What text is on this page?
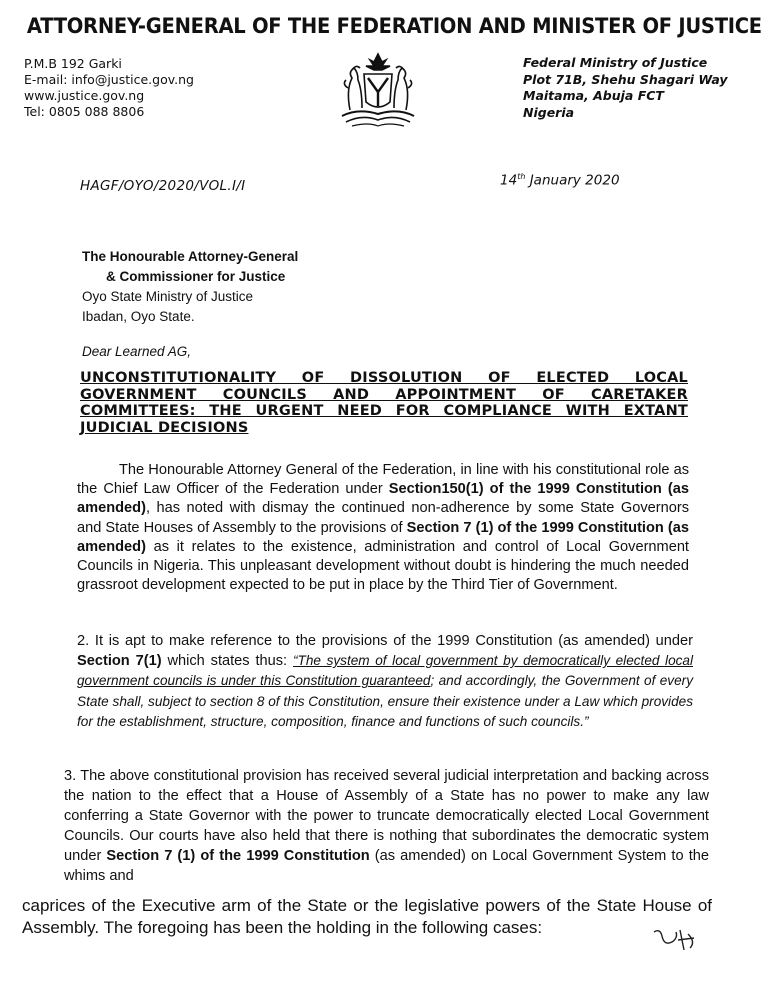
ATTORNEY-GENERAL OF THE FEDERATION AND MINISTER OF JUSTICE
P.M.B 192 Garki
E-mail: info@justice.gov.ng
www.justice.gov.ng
Tel: 0805 088 8806
Federal Ministry of Justice
Plot 71B, Shehu Shagari Way
Maitama, Abuja FCT
Nigeria
HAGF/OYO/2020/VOL.I/I	14th January 2020
The Honourable Attorney-General
& Commissioner for Justice
Oyo State Ministry of Justice
Ibadan, Oyo State.
Dear Learned AG,
UNCONSTITUTIONALITY OF DISSOLUTION OF ELECTED LOCAL GOVERNMENT COUNCILS AND APPOINTMENT OF CARETAKER COMMITTEES: THE URGENT NEED FOR COMPLIANCE WITH EXTANT JUDICIAL DECISIONS
The Honourable Attorney General of the Federation, in line with his constitutional role as the Chief Law Officer of the Federation under Section150(1) of the 1999 Constitution (as amended), has noted with dismay the continued non-adherence by some State Governors and State Houses of Assembly to the provisions of Section 7 (1) of the 1999 Constitution (as amended) as it relates to the existence, administration and control of Local Government Councils in Nigeria. This unpleasant development without doubt is hindering the much needed grassroot development expected to be put in place by the Third Tier of Government.
2. It is apt to make reference to the provisions of the 1999 Constitution (as amended) under Section 7(1) which states thus: “The system of local government by democratically elected local government councils is under this Constitution guaranteed; and accordingly, the Government of every State shall, subject to section 8 of this Constitution, ensure their existence under a Law which provides for the establishment, structure, composition, finance and functions of such councils.”
3. The above constitutional provision has received several judicial interpretation and backing across the nation to the effect that a House of Assembly of a State has no power to make any law conferring a State Governor with the power to truncate democratically elected Local Government Councils. Our courts have also held that there is nothing that subordinates the democratic system under Section 7 (1) of the 1999 Constitution (as amended) on Local Government System to the whims and
caprices of the Executive arm of the State or the legislative powers of the State House of Assembly. The foregoing has been the holding in the following cases:
